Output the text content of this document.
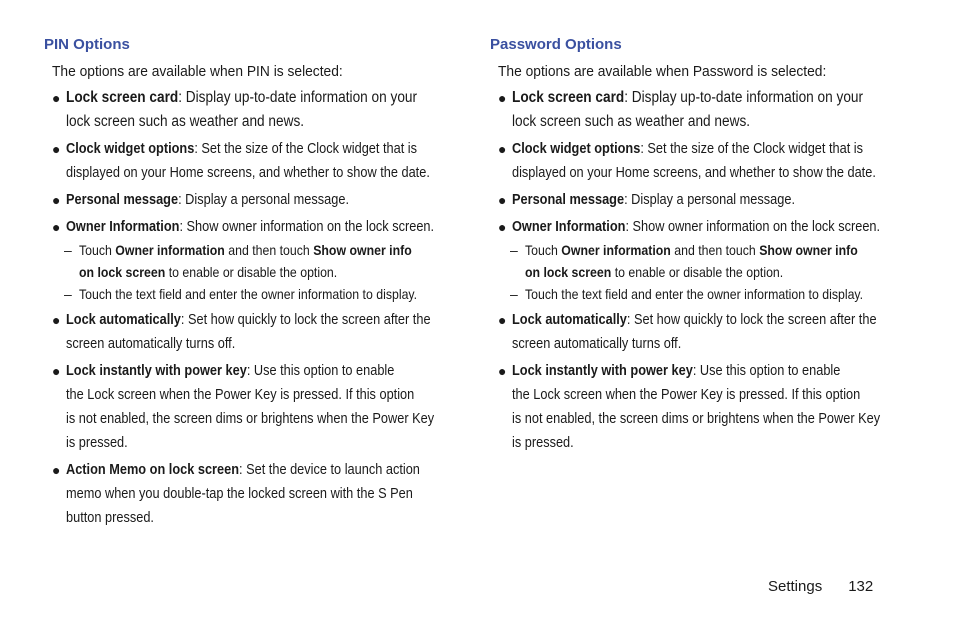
PIN Options
The options are available when PIN is selected:
● Lock screen card: Display up-to-date information on your
lock screen such as weather and news.
● Clock widget options: Set the size of the Clock widget that is
displayed on your Home screens, and whether to show the date.
● Personal message: Display a personal message.
● Owner Information: Show owner information on the lock screen.
– Touch Owner information and then touch Show owner info
on lock screen to enable or disable the option.
– Touch the text field and enter the owner information to display.
● Lock automatically: Set how quickly to lock the screen after the
screen automatically turns off.
● Lock instantly with power key: Use this option to enable
the Lock screen when the Power Key is pressed. If this option
is not enabled, the screen dims or brightens when the Power Key
is pressed.
● Action Memo on lock screen: Set the device to launch action
memo when you double-tap the locked screen with the S Pen
button pressed.
Password Options
The options are available when Password is selected:
● Lock screen card: Display up-to-date information on your
lock screen such as weather and news.
● Clock widget options: Set the size of the Clock widget that is
displayed on your Home screens, and whether to show the date.
● Personal message: Display a personal message.
● Owner Information: Show owner information on the lock screen.
– Touch Owner information and then touch Show owner info
on lock screen to enable or disable the option.
– Touch the text field and enter the owner information to display.
● Lock automatically: Set how quickly to lock the screen after the
screen automatically turns off.
● Lock instantly with power key: Use this option to enable
the Lock screen when the Power Key is pressed. If this option
is not enabled, the screen dims or brightens when the Power Key
is pressed.
Settings 132
